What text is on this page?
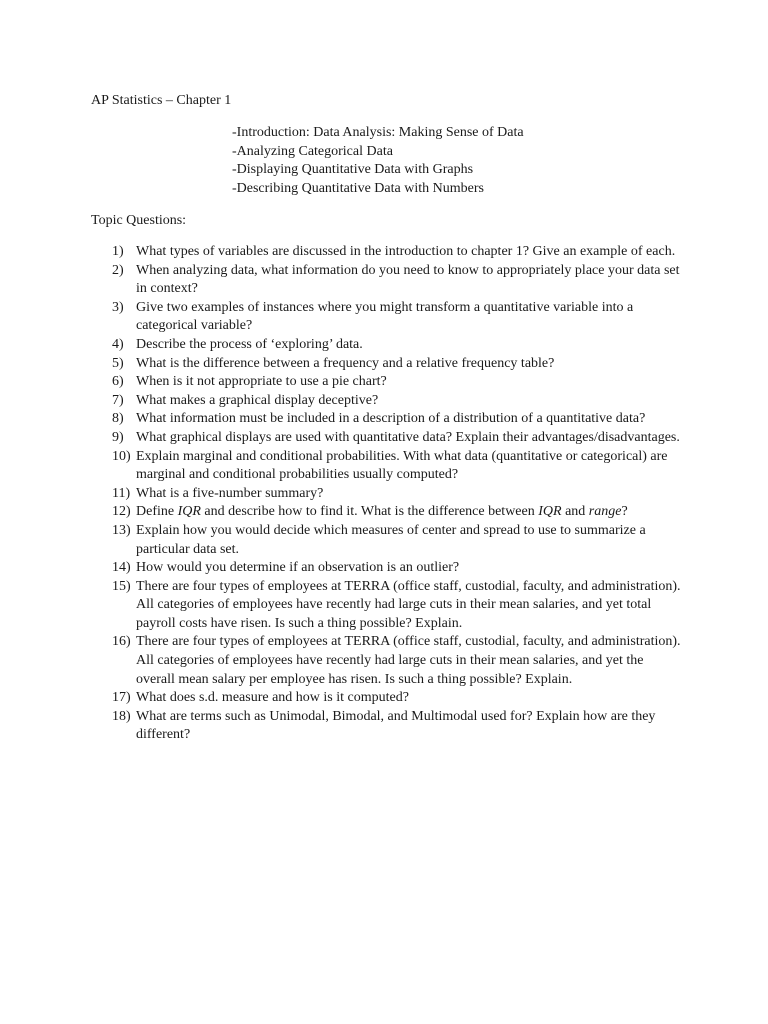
AP Statistics – Chapter 1
-Introduction: Data Analysis: Making Sense of Data
-Analyzing Categorical Data
-Displaying Quantitative Data with Graphs
-Describing Quantitative Data with Numbers
Topic Questions:
1) What types of variables are discussed in the introduction to chapter 1? Give an example of each.
2) When analyzing data, what information do you need to know to appropriately place your data set in context?
3) Give two examples of instances where you might transform a quantitative variable into a categorical variable?
4) Describe the process of ‘exploring’ data.
5) What is the difference between a frequency and a relative frequency table?
6) When is it not appropriate to use a pie chart?
7) What makes a graphical display deceptive?
8) What information must be included in a description of a distribution of a quantitative data?
9) What graphical displays are used with quantitative data? Explain their advantages/disadvantages.
10) Explain marginal and conditional probabilities. With what data (quantitative or categorical) are marginal and conditional probabilities usually computed?
11) What is a five-number summary?
12) Define IQR and describe how to find it. What is the difference between IQR and range?
13) Explain how you would decide which measures of center and spread to use to summarize a particular data set.
14) How would you determine if an observation is an outlier?
15) There are four types of employees at TERRA (office staff, custodial, faculty, and administration). All categories of employees have recently had large cuts in their mean salaries, and yet total payroll costs have risen. Is such a thing possible? Explain.
16) There are four types of employees at TERRA (office staff, custodial, faculty, and administration). All categories of employees have recently had large cuts in their mean salaries, and yet the overall mean salary per employee has risen. Is such a thing possible? Explain.
17) What does s.d. measure and how is it computed?
18) What are terms such as Unimodal, Bimodal, and Multimodal used for? Explain how are they different?
